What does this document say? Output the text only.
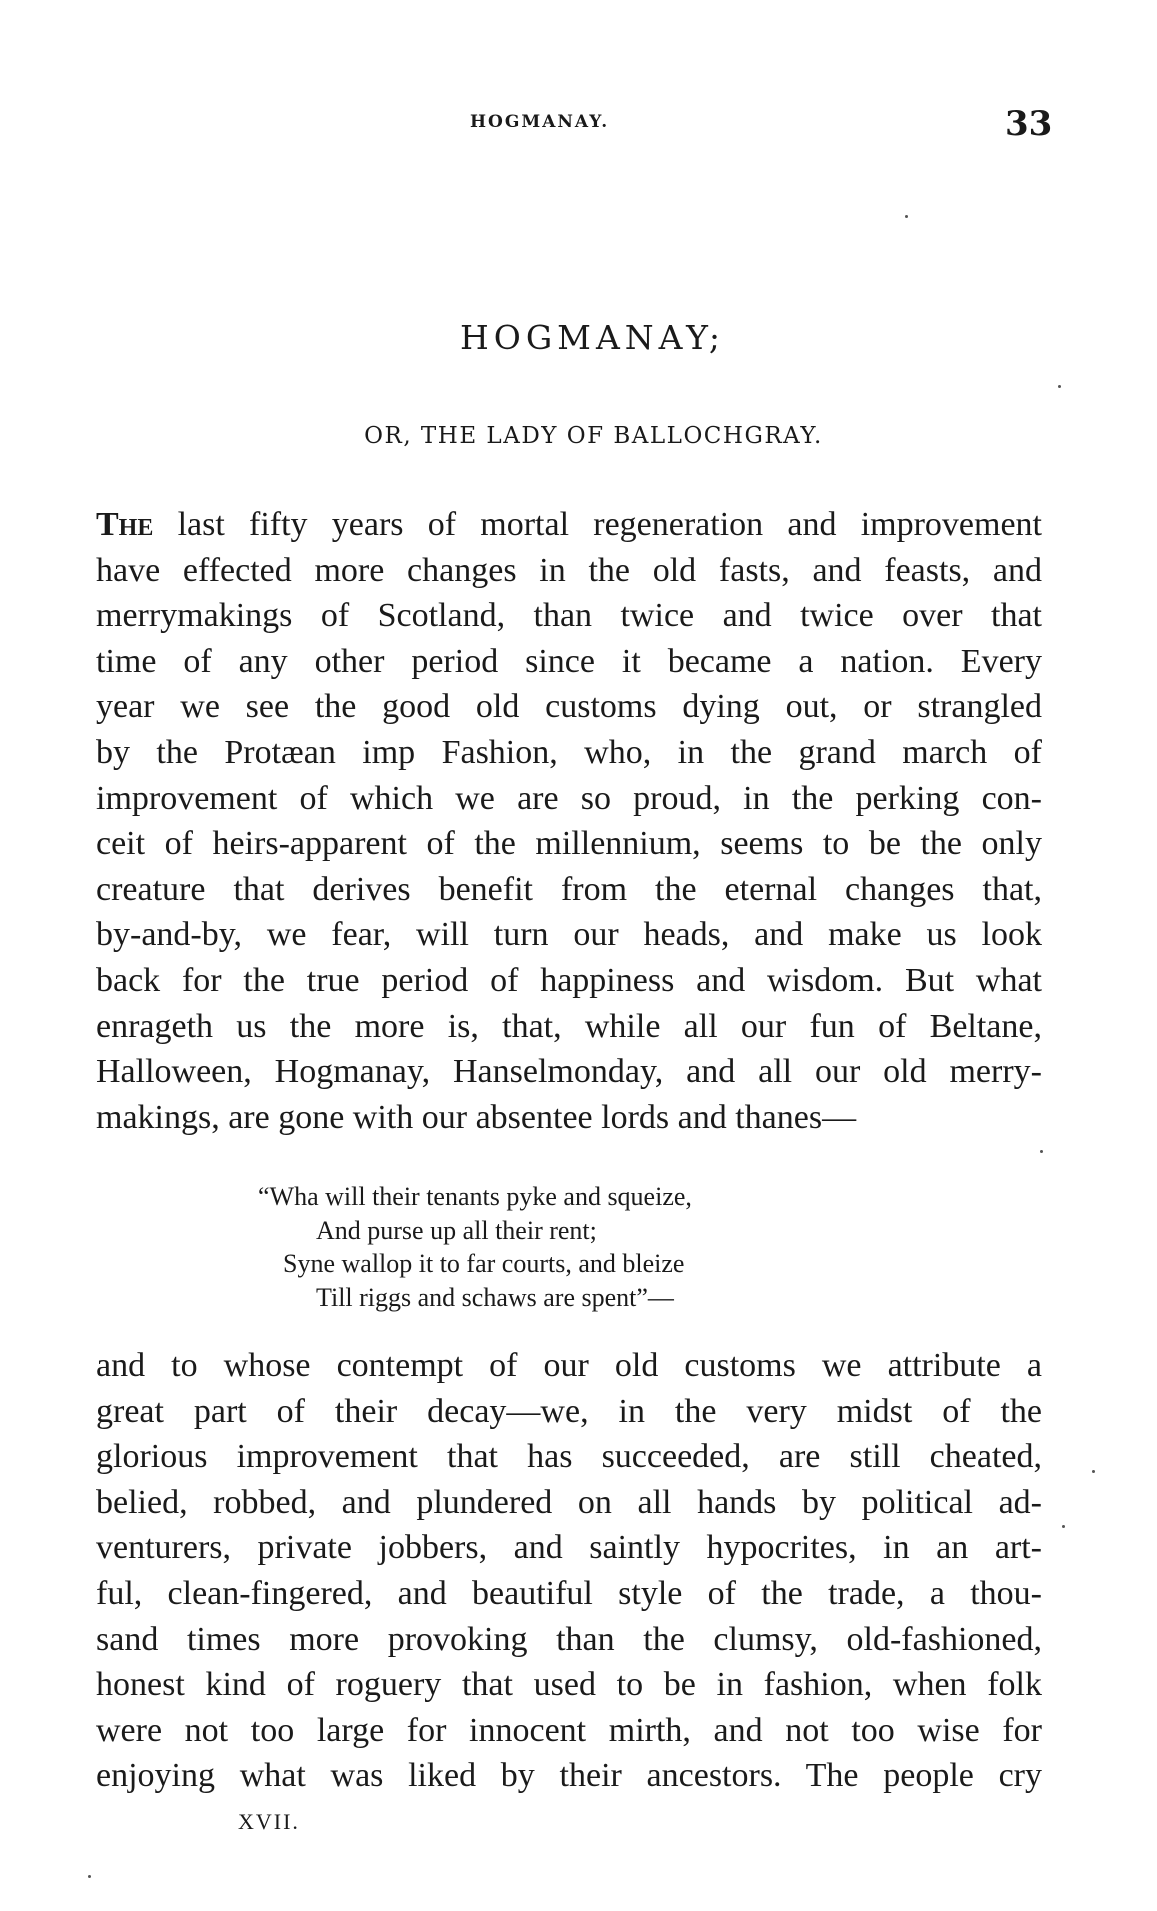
HOGMANAY.	33
HOGMANAY;
OR, THE LADY OF BALLOCHGRAY.
The last fifty years of mortal regeneration and improvement
have effected more changes in the old fasts, and feasts, and
merrymakings of Scotland, than twice and twice over that
time of any other period since it became a nation. Every
year we see the good old customs dying out, or strangled
by the Protæan imp Fashion, who, in the grand march of
improvement of which we are so proud, in the perking con-
ceit of heirs-apparent of the millennium, seems to be the only
creature that derives benefit from the eternal changes that,
by-and-by, we fear, will turn our heads, and make us look
back for the true period of happiness and wisdom. But what
enrageth us the more is, that, while all our fun of Beltane,
Halloween, Hogmanay, Hanselmonday, and all our old merry-
makings, are gone with our absentee lords and thanes—
“Wha will their tenants pyke and squeize,
And purse up all their rent;
Syne wallop it to far courts, and bleize
Till riggs and schaws are spent”—
and to whose contempt of our old customs we attribute a
great part of their decay—we, in the very midst of the
glorious improvement that has succeeded, are still cheated,
belied, robbed, and plundered on all hands by political ad-
venturers, private jobbers, and saintly hypocrites, in an art-
ful, clean-fingered, and beautiful style of the trade, a thou-
sand times more provoking than the clumsy, old-fashioned,
honest kind of roguery that used to be in fashion, when folk
were not too large for innocent mirth, and not too wise for
enjoying what was liked by their ancestors. The people cry
XVII.
